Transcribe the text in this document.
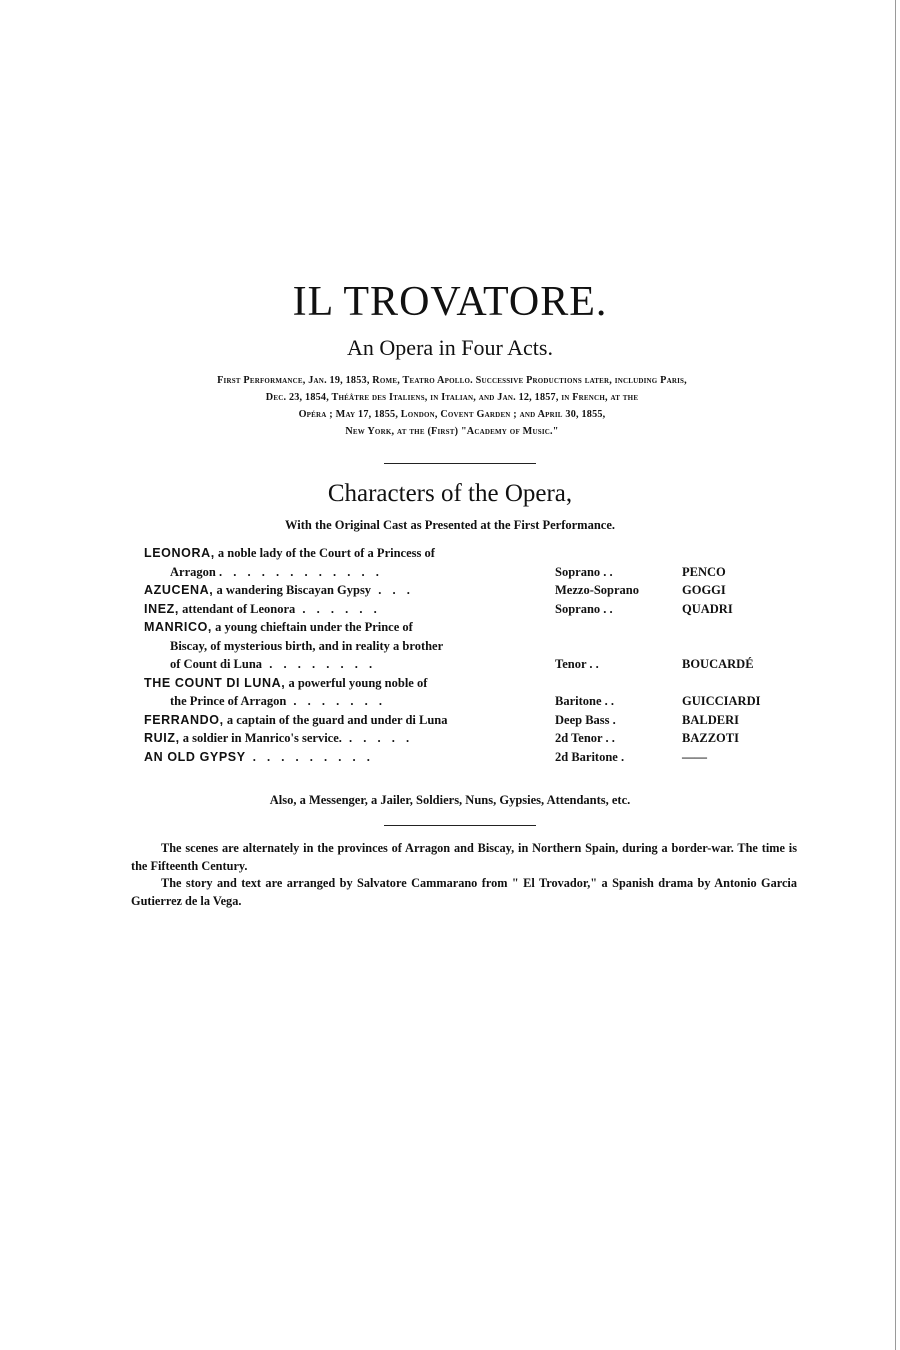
IL TROVATORE.
An Opera in Four Acts.
First Performance, Jan. 19, 1853, Rome, Teatro Apollo. Successive Productions later, including Paris,
Dec. 23, 1854, Théâtre des Italiens, in Italian, and Jan. 12, 1857, in French, at the
Opéra ; May 17, 1855, London, Covent Garden ; and April 30, 1855,
New York, at the (First) "Academy of Music."
Characters of the Opera,
With the Original Cast as Presented at the First Performance.
LEONORA, a noble lady of the Court of a Princess of
Arragon . . . . . . . . . . . .	Soprano . .	PENCO
AZUCENA, a wandering Biscayan Gypsy . . .	Mezzo-Soprano	GOGGI
INEZ, attendant of Leonora . . . . . .	Soprano . .	QUADRI
MANRICO, a young chieftain under the Prince of
Biscay, of mysterious birth, and in reality a brother
of Count di Luna . . . . . . . .	Tenor . .	BOUCARDÉ
THE COUNT DI LUNA, a powerful young noble of
the Prince of Arragon . . . . . . .	Baritone . .	GUICCIARDI
FERRANDO, a captain of the guard and under di Luna	Deep Bass .	BALDERI
RUIZ, a soldier in Manrico's service. . . . . .	2d Tenor . .	BAZZOTI
AN OLD GYPSY . . . . . . . . .	2d Baritone .	——
Also, a Messenger, a Jailer, Soldiers, Nuns, Gypsies, Attendants, etc.

The scenes are alternately in the provinces of Arragon and Biscay, in Northern Spain, during a border-war. The time is the Fifteenth Century.

The story and text are arranged by Salvatore Cammarano from " El Trovador," a Spanish drama by Antonio Garcia Gutierrez de la Vega.
